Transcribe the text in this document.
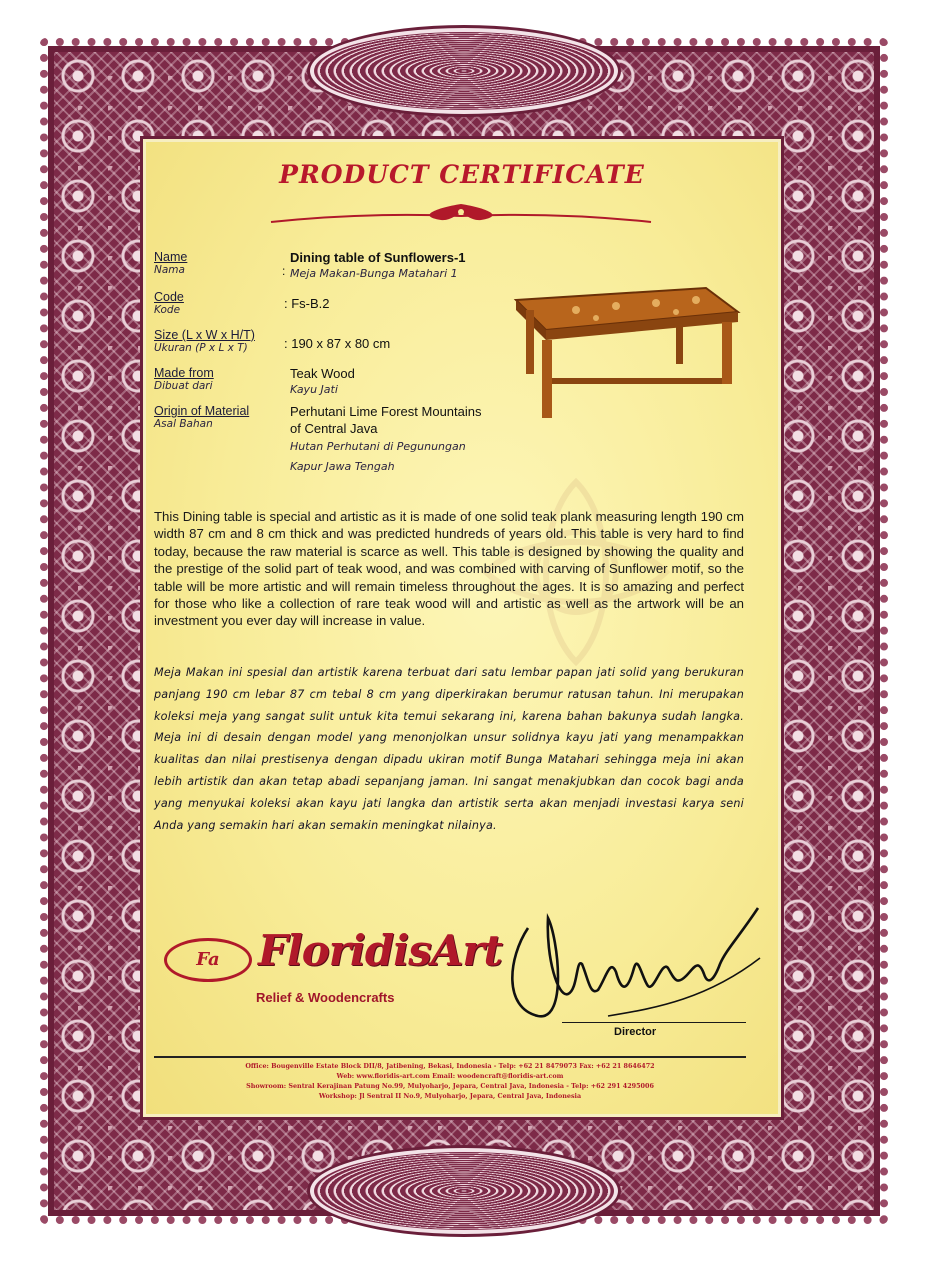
PRODUCT CERTIFICATE
Name
Nama
Dining table of Sunflowers-1
: Meja Makan-Bunga Matahari 1
Code
Kode	: Fs-B.2
Size (L x W x H/T)
Ukuran (P x L x T)	: 190 x 87 x 80 cm
Made from
Dibuat dari
Teak Wood
Kayu Jati
Origin of Material
Asal Bahan
Perhutani Lime Forest Mountains
of Central Java
Hutan Perhutani di Pegunungan
Kapur Jawa Tengah

This Dining table is special and artistic as it is made of one solid teak plank measuring length 190 cm width 87 cm and 8 cm thick and was predicted hundreds of years old. This table is very hard to find today, because the raw material is scarce as well. This table is designed by showing the quality and the prestige of the solid part of teak wood, and was combined with carving of Sunflower motif, so the table will be more artistic and will remain timeless throughout the ages. It is so amazing and perfect for those who like a collection of rare teak wood will and artistic as well as the artwork will be an investment you ever day will increase in value.

Meja Makan ini spesial dan artistik karena terbuat dari satu lembar papan jati solid yang berukuran panjang 190 cm lebar 87 cm tebal 8 cm yang diperkirakan berumur ratusan tahun. Ini merupakan koleksi meja yang sangat sulit untuk kita temui sekarang ini, karena bahan bakunya sudah langka. Meja ini di desain dengan model yang menonjolkan unsur solidnya kayu jati yang menampakkan kualitas dan nilai prestisenya dengan dipadu ukiran motif Bunga Matahari sehingga meja ini akan lebih artistik dan akan tetap abadi sepanjang jaman. Ini sangat menakjubkan dan cocok bagi anda yang menyukai koleksi akan kayu jati langka dan artistik serta akan menjadi investasi karya seni Anda yang semakin hari akan semakin meningkat nilainya.

Fa FloridisArt
Relief & Woodencrafts
Director
Office: Bougenville Estate Block DII/8, Jatibening, Bekasi, Indonesia - Telp: +62 21 8479073 Fax: +62 21 8646472
Web: www.floridis-art.com Email: woodencraft@floridis-art.com
Showroom: Sentral Kerajinan Patung No.99, Mulyoharjo, Jepara, Central Java, Indonesia - Telp: +62 291 4295006
Workshop: Jl Sentral II No.9, Mulyoharjo, Jepara, Central Java, Indonesia
